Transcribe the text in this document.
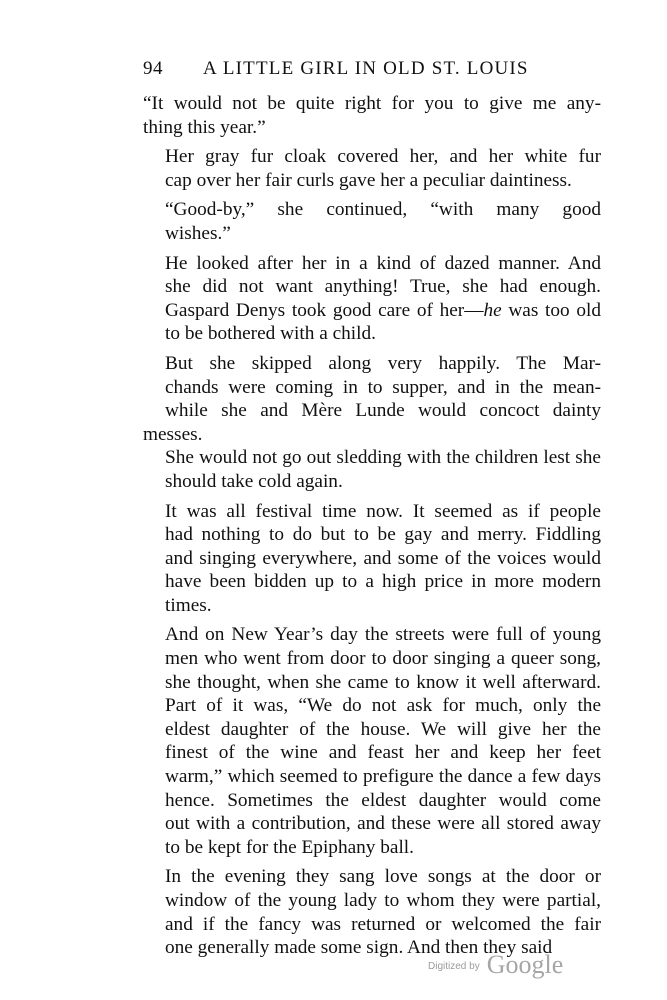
94 A LITTLE GIRL IN OLD ST. LOUIS

“It would not be quite right for you to give me any-
thing this year.”

Her gray fur cloak covered her, and her white fur
cap over her fair curls gave her a peculiar daintiness.

“Good-by,” she continued, “with many good
wishes.”

He looked after her in a kind of dazed manner. And
she did not want anything! True, she had enough.
Gaspard Denys took good care of her—he was too old
to be bothered with a child.

But she skipped along very happily. The Mar-
chands were coming in to supper, and in the mean-
while she and Mère Lunde would concoct dainty messes.
She would not go out sledding with the children lest she
should take cold again.

It was all festival time now. It seemed as if people
had nothing to do but to be gay and merry. Fiddling
and singing everywhere, and some of the voices would
have been bidden up to a high price in more modern
times.

And on New Year’s day the streets were full of young
men who went from door to door singing a queer song,
she thought, when she came to know it well afterward.
Part of it was, “We do not ask for much, only the
eldest daughter of the house. We will give her the
finest of the wine and feast her and keep her feet
warm,” which seemed to prefigure the dance a few days
hence. Sometimes the eldest daughter would come
out with a contribution, and these were all stored away
to be kept for the Epiphany ball.

In the evening they sang love songs at the door or
window of the young lady to whom they were partial,
and if the fancy was returned or welcomed the fair
one generally made some sign. And then they said

$^{Digitized by}$ Google
